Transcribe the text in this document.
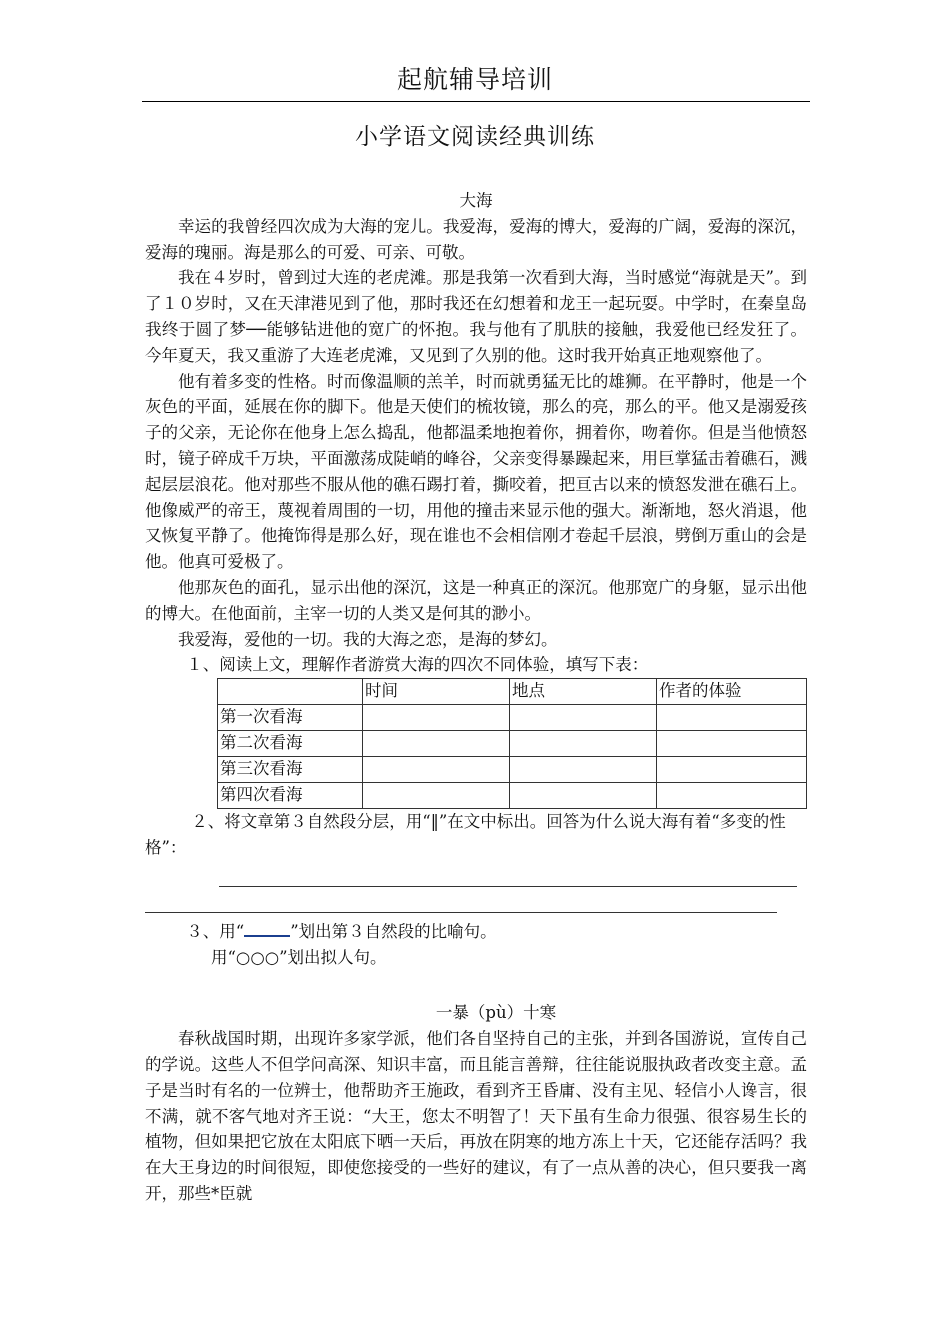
起航辅导培训
小学语文阅读经典训练
大海

幸运的我曾经四次成为大海的宠儿。我爱海，爱海的博大，爱海的广阔，爱海的深沉，爱海的瑰丽。海是那么的可爱、可亲、可敬。

我在４岁时，曾到过大连的老虎滩。那是我第一次看到大海，当时感觉“海就是天”。到了１０岁时，又在天津港见到了他，那时我还在幻想着和龙王一起玩耍。中学时，在秦皇岛我终于圆了梦──能够钻进他的宽广的怀抱。我与他有了肌肤的接触，我爱他已经发狂了。今年夏天，我又重游了大连老虎滩，又见到了久别的他。这时我开始真正地观察他了。

他有着多变的性格。时而像温顺的羔羊，时而就勇猛无比的雄狮。在平静时，他是一个灰色的平面，延展在你的脚下。他是天使们的梳妆镜，那么的亮，那么的平。他又是溺爱孩子的父亲，无论你在他身上怎么捣乱，他都温柔地抱着你，拥着你，吻着你。但是当他愤怒时，镜子碎成千万块，平面激荡成陡峭的峰谷，父亲变得暴躁起来，用巨掌猛击着礁石，溅起层层浪花。他对那些不服从他的礁石踢打着，撕咬着，把亘古以来的愤怒发泄在礁石上。他像威严的帝王，蔑视着周围的一切，用他的撞击来显示他的强大。渐渐地，怒火消退，他又恢复平静了。他掩饰得是那么好，现在谁也不会相信刚才卷起千层浪，劈倒万重山的会是他。他真可爱极了。

他那灰色的面孔，显示出他的深沉，这是一种真正的深沉。他那宽广的身躯，显示出他的博大。在他面前，主宰一切的人类又是何其的渺小。

我爱海，爱他的一切。我的大海之恋，是海的梦幻。

１、阅读上文，理解作者游赏大海的四次不同体验，填写下表：

	时间	地点	作者的体验
第一次看海			
第二次看海			
第三次看海			
第四次看海			

２、将文章第３自然段分层，用“‖”在文中标出。回答为什么说大海有着“多变的性格”：

３、用“	”划出第３自然段的比喻句。

用“○○○”划出拟人句。

一暴（pù）十寒

春秋战国时期，出现许多家学派，他们各自坚持自己的主张，并到各国游说，宣传自己的学说。这些人不但学问高深、知识丰富，而且能言善辩，往往能说服执政者改变主意。孟子是当时有名的一位辨士，他帮助齐王施政，看到齐王昏庸、没有主见、轻信小人谗言，很不满，就不客气地对齐王说：“大王，您太不明智了！天下虽有生命力很强、很容易生长的植物，但如果把它放在太阳底下晒一天后，再放在阴寒的地方冻上十天，它还能存活吗？我在大王身边的时间很短，即使您接受的一些好的建议，有了一点从善的决心，但只要我一离开，那些*臣就
